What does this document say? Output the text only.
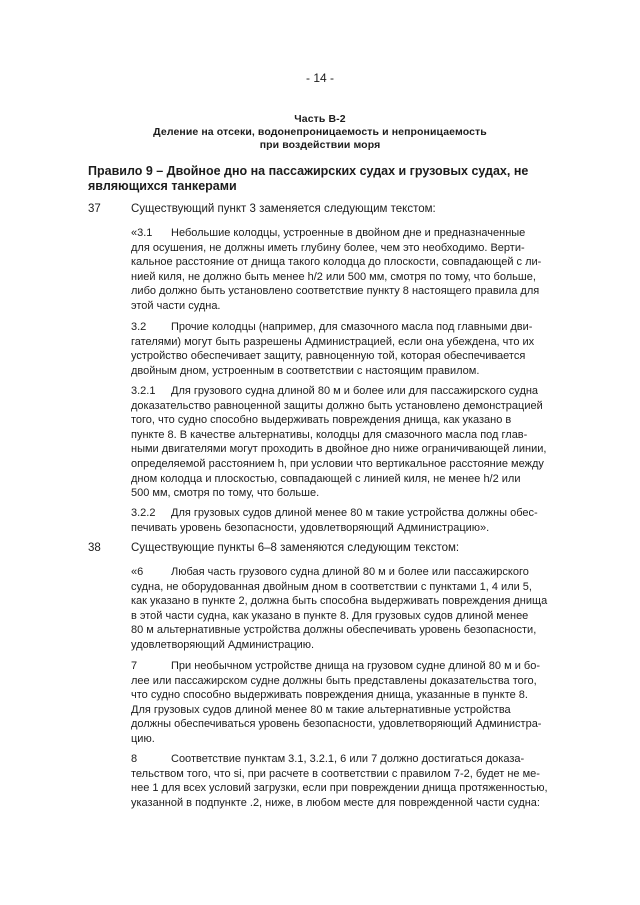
- 14 -
Часть B-2
Деление на отсеки, водонепроницаемость и непроницаемость
при воздействии моря
Правило 9 – Двойное дно на пассажирских судах и грузовых судах, не
являющихся танкерами
37	Существующий пункт 3 заменяется следующим текстом:
«3.1 Небольшие колодцы, устроенные в двойном дне и предназначенные
для осушения, не должны иметь глубину более, чем это необходимо. Верти-
кальное расстояние от днища такого колодца до плоскости, совпадающей с ли-
нией киля, не должно быть менее h/2 или 500 мм, смотря по тому, что больше,
либо должно быть установлено соответствие пункту 8 настоящего правила для
этой части судна.
3.2 Прочие колодцы (например, для смазочного масла под главными дви-
гателями) могут быть разрешены Администрацией, если она убеждена, что их
устройство обеспечивает защиту, равноценную той, которая обеспечивается
двойным дном, устроенным в соответствии с настоящим правилом.
3.2.1 Для грузового судна длиной 80 м и более или для пассажирского судна
доказательство равноценной защиты должно быть установлено демонстрацией
того, что судно способно выдерживать повреждения днища, как указано в
пункте 8. В качестве альтернативы, колодцы для смазочного масла под глав-
ными двигателями могут проходить в двойное дно ниже ограничивающей линии,
определяемой расстоянием h, при условии что вертикальное расстояние между
дном колодца и плоскостью, совпадающей с линией киля, не менее h/2 или
500 мм, смотря по тому, что больше.
3.2.2 Для грузовых судов длиной менее 80 м такие устройства должны обес-
печивать уровень безопасности, удовлетворяющий Администрацию».
38	Существующие пункты 6–8 заменяются следующим текстом:
«6	Любая часть грузового судна длиной 80 м и более или пассажирского
судна, не оборудованная двойным дном в соответствии с пунктами 1, 4 или 5,
как указано в пункте 2, должна быть способна выдерживать повреждения днища
в этой части судна, как указано в пункте 8. Для грузовых судов длиной менее
80 м альтернативные устройства должны обеспечивать уровень безопасности,
удовлетворяющий Администрацию.
7	При необычном устройстве днища на грузовом судне длиной 80 м и бо-
лее или пассажирском судне должны быть представлены доказательства того,
что судно способно выдерживать повреждения днища, указанные в пункте 8.
Для грузовых судов длиной менее 80 м такие альтернативные устройства
должны обеспечиваться уровень безопасности, удовлетворяющий Администра-
цию.
8	Соответствие пунктам 3.1, 3.2.1, 6 или 7 должно достигаться доказа-
тельством того, что si, при расчете в соответствии с правилом 7-2, будет не ме-
нее 1 для всех условий загрузки, если при повреждении днища протяженностью,
указанной в подпункте .2, ниже, в любом месте для поврежденной части судна:
